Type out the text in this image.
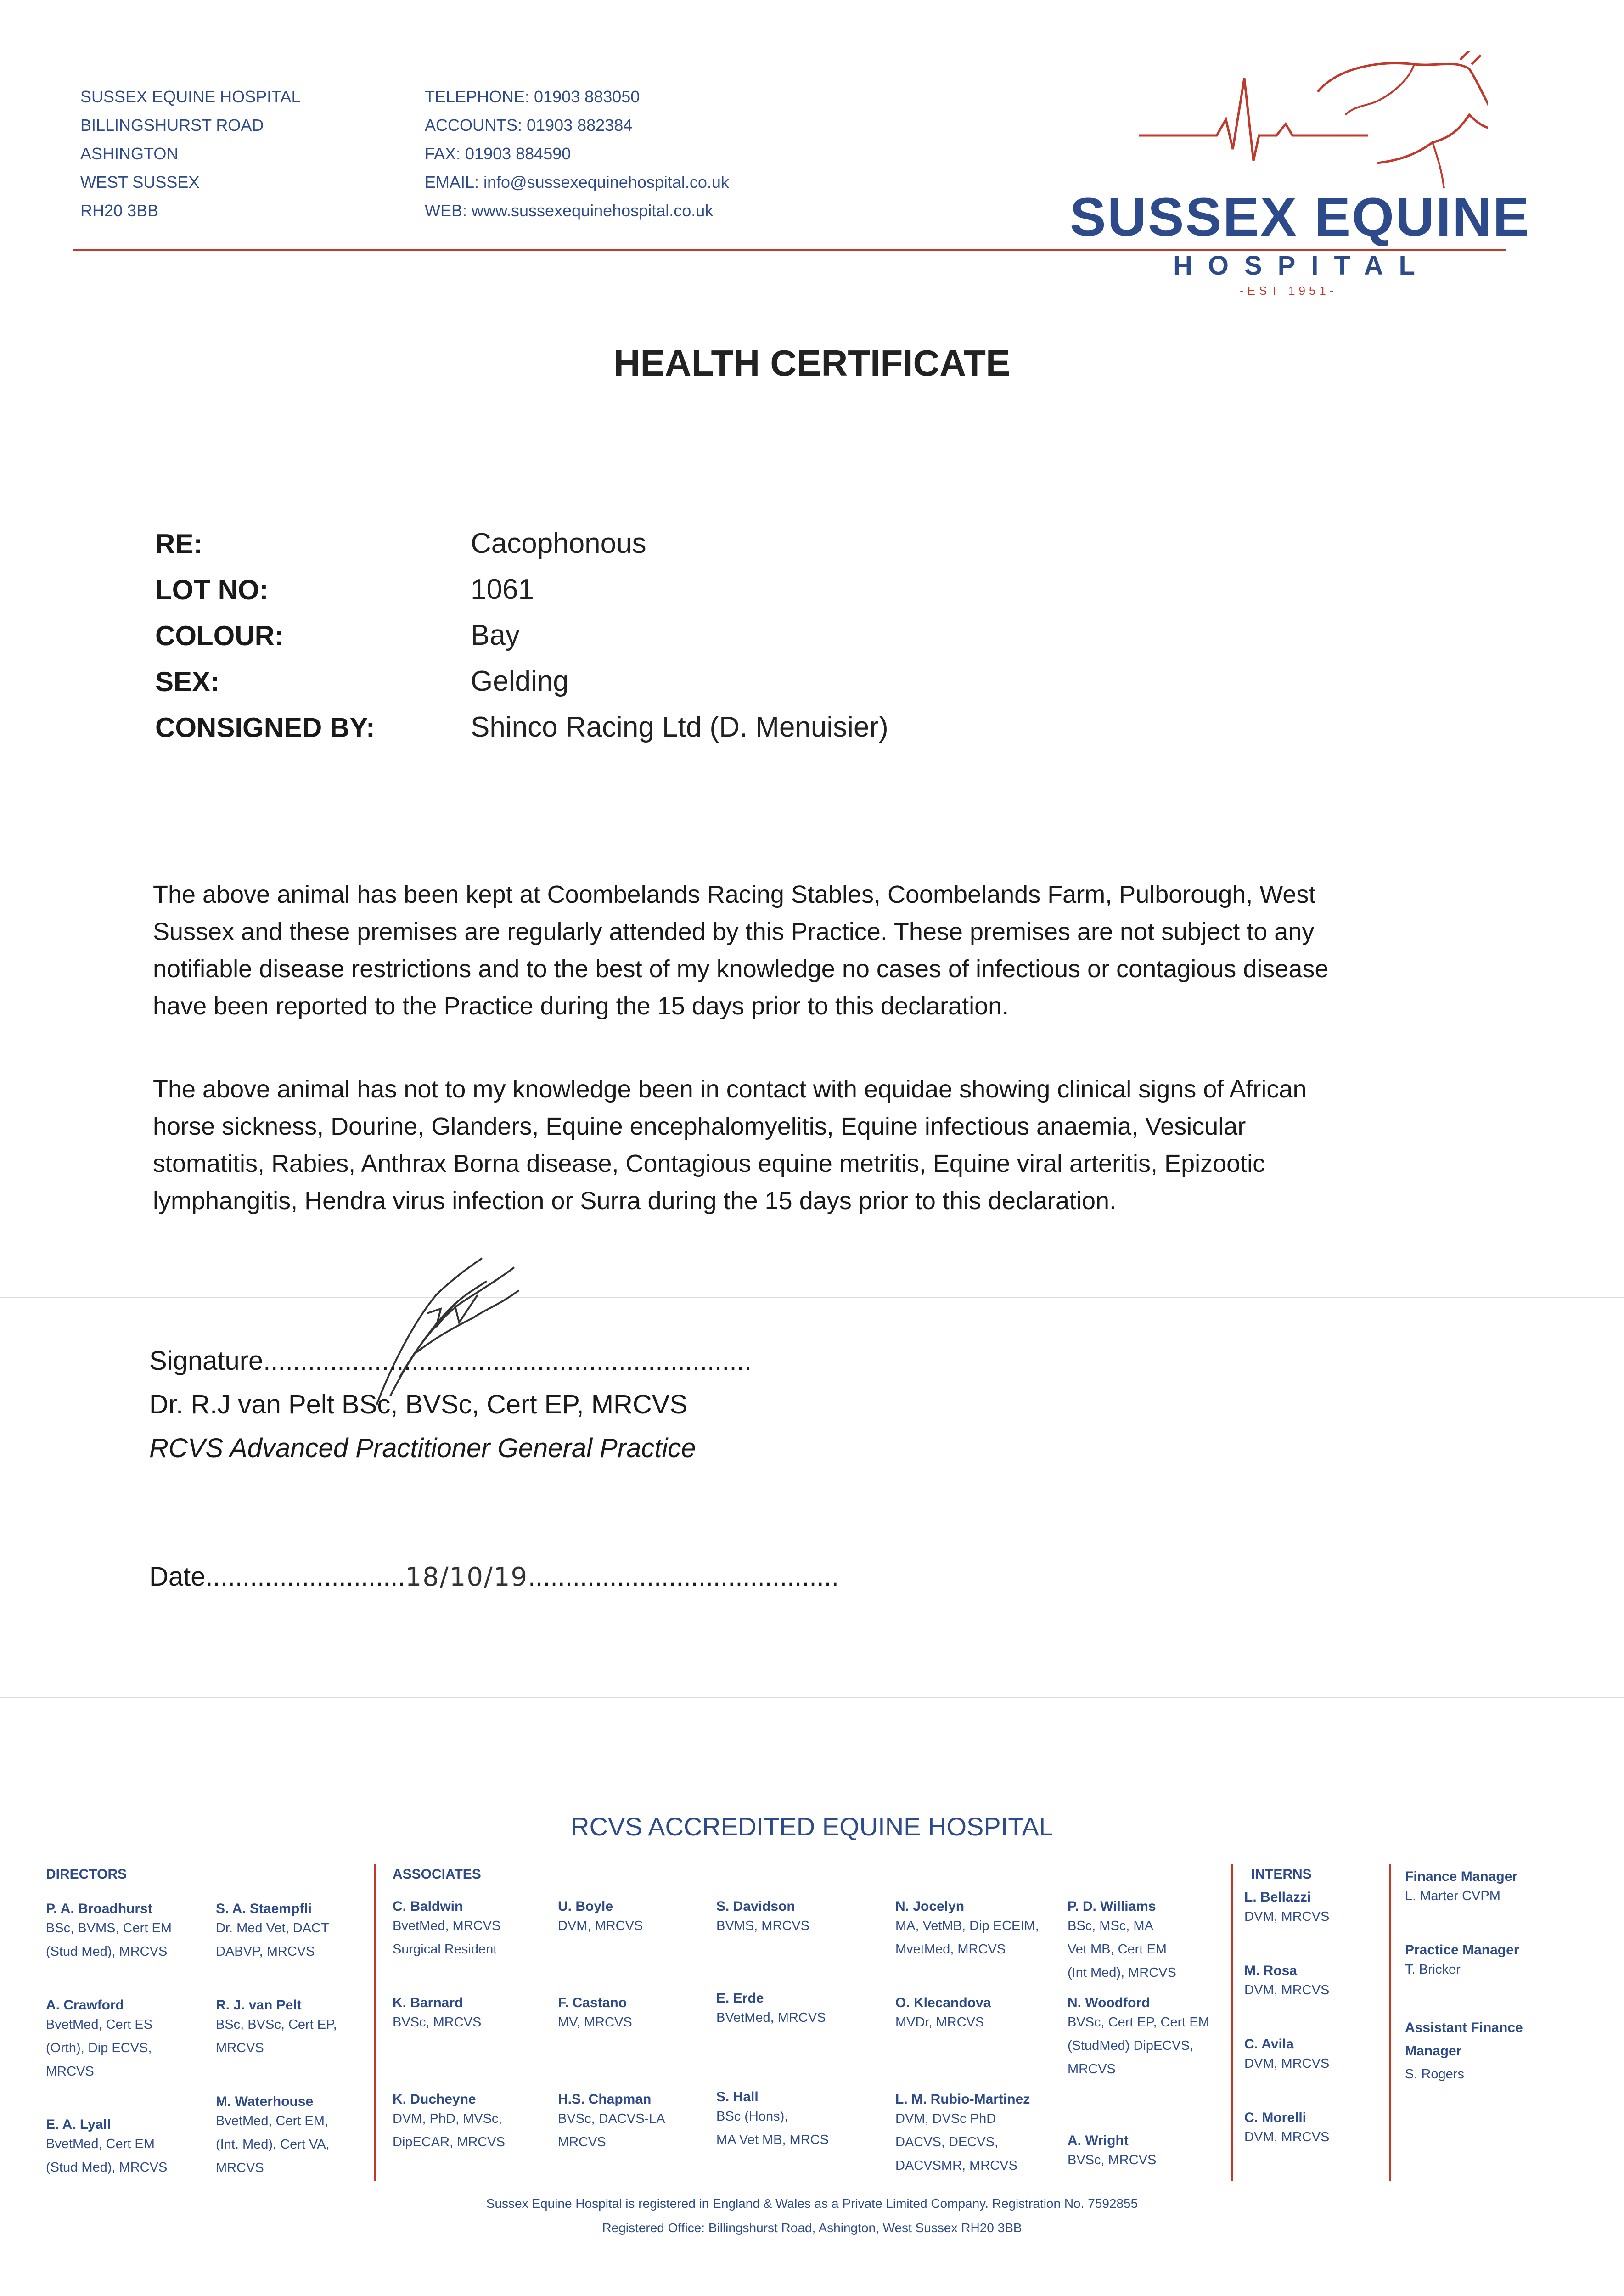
SUSSEX EQUINE HOSPITAL
BILLINGSHURST ROAD
ASHINGTON
WEST SUSSEX
RH20 3BB
TELEPHONE: 01903 883050
ACCOUNTS: 01903 882384
FAX: 01903 884590
EMAIL: info@sussexequinehospital.co.uk
WEB: www.sussexequinehospital.co.uk	SUSSEX EQUINE
HOSPITAL
-EST 1951-
HEALTH CERTIFICATE
RE:	Cacophonous
LOT NO:	1061
COLOUR:	Bay
SEX:	Gelding
CONSIGNED BY:	Shinco Racing Ltd (D. Menuisier)
The above animal has been kept at Coombelands Racing Stables, Coombelands Farm, Pulborough, West
Sussex and these premises are regularly attended by this Practice. These premises are not subject to any
notifiable disease restrictions and to the best of my knowledge no cases of infectious or contagious disease
have been reported to the Practice during the 15 days prior to this declaration.
The above animal has not to my knowledge been in contact with equidae showing clinical signs of African
horse sickness, Dourine, Glanders, Equine encephalomyelitis, Equine infectious anaemia, Vesicular
stomatitis, Rabies, Anthrax Borna disease, Contagious equine metritis, Equine viral arteritis, Epizootic
lymphangitis, Hendra virus infection or Surra during the 15 days prior to this declaration.
Signature..................................................................
Dr. R.J van Pelt BSc, BVSc, Cert EP, MRCVS
RCVS Advanced Practitioner General Practice
Date...........................18/10/19..........................................
RCVS ACCREDITED EQUINE HOSPITAL
DIRECTORS
P. A. Broadhurst
BSc, BVMS, Cert EM
(Stud Med), MRCVS
S. A. Staempfli
Dr. Med Vet, DACT
DABVP, MRCVS
A. Crawford
BvetMed, Cert ES
(Orth), Dip ECVS,
MRCVS
R. J. van Pelt
BSc, BVSc, Cert EP,
MRCVS
E. A. Lyall
BvetMed, Cert EM
(Stud Med), MRCVS
M. Waterhouse
BvetMed, Cert EM,
(Int. Med), Cert VA,
MRCVS
ASSOCIATES
C. Baldwin
BvetMed, MRCVS
Surgical Resident
U. Boyle
DVM, MRCVS
S. Davidson
BVMS, MRCVS
N. Jocelyn
MA, VetMB, Dip ECEIM,
MvetMed, MRCVS
P. D. Williams
BSc, MSc, MA
Vet MB, Cert EM
(Int Med), MRCVS
K. Barnard
BVSc, MRCVS
F. Castano
MV, MRCVS
E. Erde
BVetMed, MRCVS
O. Klecandova
MVDr, MRCVS
N. Woodford
BVSc, Cert EP, Cert EM
(StudMed) DipECVS,
MRCVS
K. Ducheyne
DVM, PhD, MVSc,
DipECAR, MRCVS
H.S. Chapman
BVSc, DACVS-LA
MRCVS
S. Hall
BSc (Hons),
MA Vet MB, MRCS
L. M. Rubio-Martinez
DVM, DVSc PhD
DACVS, DECVS,
DACVSMR, MRCVS
A. Wright
BVSc, MRCVS
INTERNS
L. Bellazzi
DVM, MRCVS
M. Rosa
DVM, MRCVS
C. Avila
DVM, MRCVS
C. Morelli
DVM, MRCVS
Finance Manager
L. Marter CVPM
Practice Manager
T. Bricker
Assistant Finance
Manager
S. Rogers
Sussex Equine Hospital is registered in England & Wales as a Private Limited Company. Registration No. 7592855
Registered Office: Billingshurst Road, Ashington, West Sussex RH20 3BB
